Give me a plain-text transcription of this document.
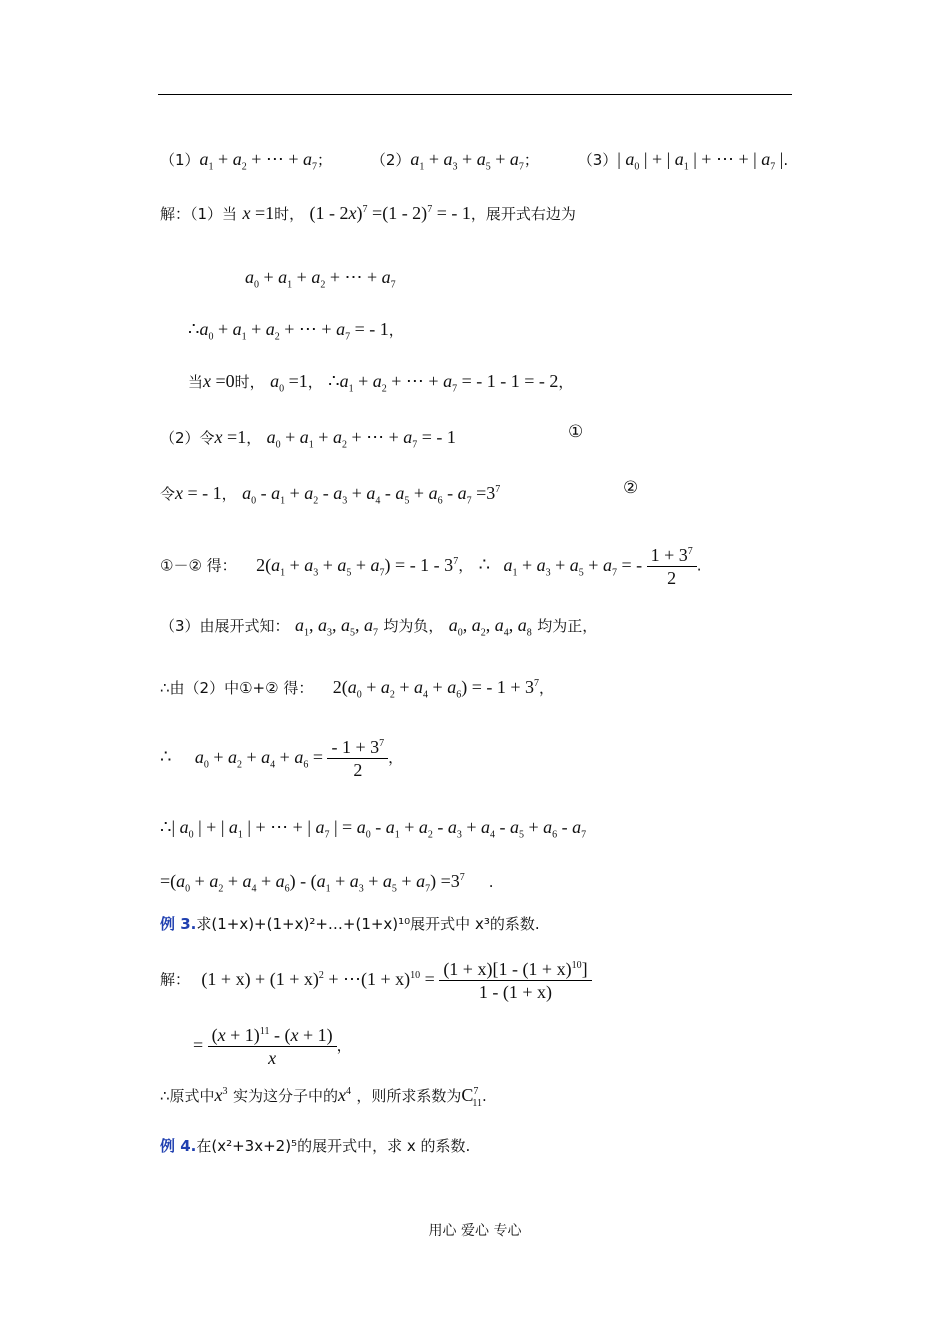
$(1)a_1 + a_2$ + ⋯ + $a_7$；	$(2)a_1 + a_3 + a_5 + a_7$；	（3）| $a_0$ | + | $a_1$ | + ⋯ + | $a_7$ |.
解：（1）当 x =1时， (1 - 2x)$^7$ =(1 - 2)$^7$ = - 1，展开式右边为
$a_0 + a_1 + a_2$ + ⋯ + $a_7$
$\therefore a_0 + a_1 + a_2$ + ⋯ + $a_7$ = - 1，
当x =0时， $a_0 =1$， $\therefore a_1 + a_2$ + ⋯ + $a_7$ = - 1 - 1 = - 2，
（2）令x =1， $a_0 + a_1 + a_2$ + ⋯ + $a_7$ = - 1	①
令x = - 1， $a_0 - a_1 + a_2 - a_3 + a_4 - a_5 + a_6 - a_7 =3^7$	②
①－② 得： $2(a_1 + a_3 + a_5 + a_7)$ = - $1 - 3^7$， ∴ $a_1 + a_3 + a_5 + a_7$ = - $\frac{1 + 3^7}{2}$ .
（3）由展开式知： $a_1$, $a_3$, $a_5$, $a_7$ 均为负， $a_0$, $a_2$, $a_4$, $a_8$ 均为正，
∴由（2）中①+② 得： $2(a_0 + a_2 + a_4 + a_6)$ = - $1 + 3^7$，
∴ $a_0 + a_2 + a_4 + a_6 = \frac{- 1 + 3^7}{2}$ ，
∴| $a_0$ | + | $a_1$ | + ⋯ + | $a_7$ | = $a_0 - a_1 + a_2 - a_3 + a_4 - a_5 + a_6 - a_7$
$=(a_0 + a_2 + a_4 + a_6) - (a_1 + a_3 + a_5 + a_7) =3^7$ .
例 3.求(1+x)+(1+x)²+…+(1+x)¹⁰展开式中 x³的系数.
解： $(1 + x) + (1 + x)^2$ + ⋯(1 + $x)^{10} = \frac{(1 + x)[1 - (1 + x)^{10}]}{1 - (1 + x)}$
= $\frac{(x + 1)^{11} - (x + 1)}{x}$ ，
∴原式中$x^3$ 实为这分子中的$x^4$ ，则所求系数为$C^7_{11}$.
例 4.在(x²+3x+2)⁵的展开式中，求 x 的系数.
用心 爱心 专心
